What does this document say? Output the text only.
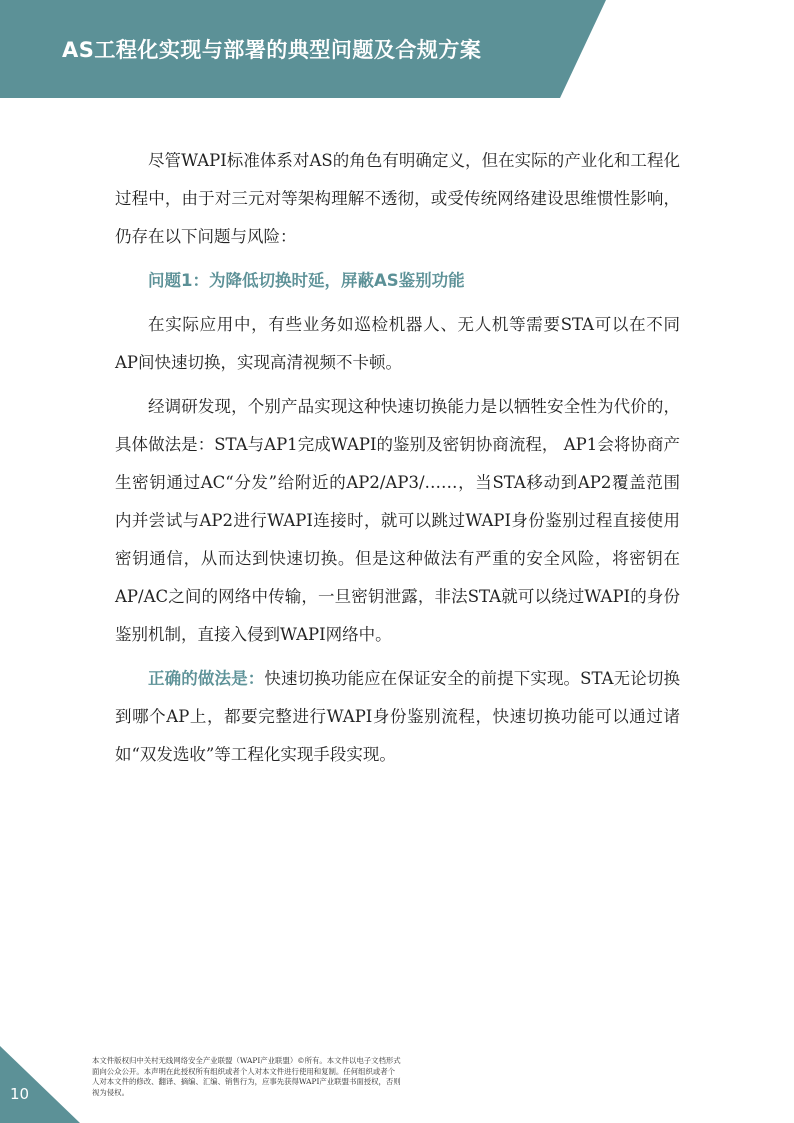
AS工程化实现与部署的典型问题及合规方案

尽管WAPI标准体系对AS的角色有明确定义，但在实际的产业化和工程化过程中，由于对三元对等架构理解不透彻，或受传统网络建设思维惯性影响，仍存在以下问题与风险：

问题1：为降低切换时延，屏蔽AS鉴别功能

在实际应用中，有些业务如巡检机器人、无人机等需要STA可以在不同AP间快速切换，实现高清视频不卡顿。

经调研发现，个别产品实现这种快速切换能力是以牺牲安全性为代价的，具体做法是：STA与AP1完成WAPI的鉴别及密钥协商流程， AP1会将协商产生密钥通过AC“分发”给附近的AP2/AP3/……，当STA移动到AP2覆盖范围内并尝试与AP2进行WAPI连接时，就可以跳过WAPI身份鉴别过程直接使用密钥通信，从而达到快速切换。但是这种做法有严重的安全风险，将密钥在AP/AC之间的网络中传输，一旦密钥泄露，非法STA就可以绕过WAPI的身份鉴别机制，直接入侵到WAPI网络中。

正确的做法是：快速切换功能应在保证安全的前提下实现。STA无论切换到哪个AP上，都要完整进行WAPI身份鉴别流程，快速切换功能可以通过诸如“双发选收”等工程化实现手段实现。

10
本文件版权归中关村无线网络安全产业联盟（WAPI产业联盟）©所有。本文件以电子文档形式面向公众公开。本声明在此授权所有组织或者个人对本文件进行使用和复制。任何组织或者个人对本文件的修改、翻译、摘编、汇编、销售行为，应事先获得WAPI产业联盟书面授权，否则视为侵权。
